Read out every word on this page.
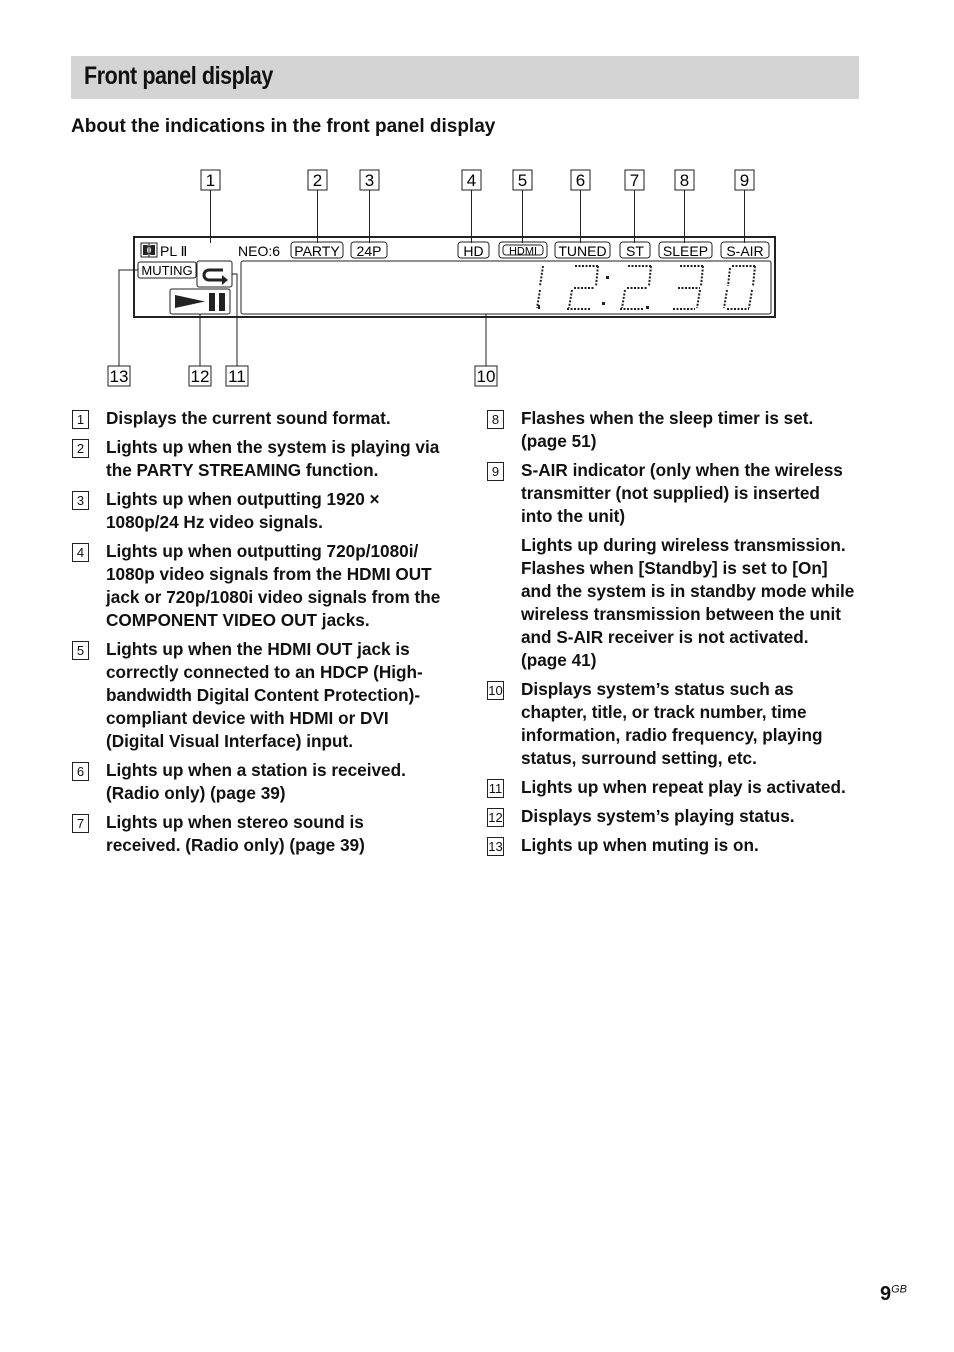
Front panel display
About the indications in the front panel display
1	2	3	4 5	6	7 8	9
PL Ⅱ	NEO:6 PARTY 24P	HD HDMI TUNED ST SLEEP S-AIR
MUTING
13	12 11	10
1 Displays the current sound format.

2 Lights up when the system is playing via the PARTY STREAMING function.

3 Lights up when outputting 1920 × 1080p/24 Hz video signals.

4 Lights up when outputting 720p/1080i/ 1080p video signals from the HDMI OUT jack or 720p/1080i video signals from the COMPONENT VIDEO OUT jacks.

5 Lights up when the HDMI OUT jack is correctly connected to an HDCP (High-bandwidth Digital Content Protection)-compliant device with HDMI or DVI (Digital Visual Interface) input.

6 Lights up when a station is received. (Radio only) (page 39)

7 Lights up when stereo sound is received. (Radio only) (page 39)

8 Flashes when the sleep timer is set. (page 51)

9 S-AIR indicator (only when the wireless transmitter (not supplied) is inserted into the unit)

Lights up during wireless transmission. Flashes when [Standby] is set to [On] and the system is in standby mode while wireless transmission between the unit and S-AIR receiver is not activated. (page 41)

10 Displays system’s status such as chapter, title, or track number, time information, radio frequency, playing status, surround setting, etc.

11 Lights up when repeat play is activated.

12 Displays system’s playing status.

13 Lights up when muting is on.

$9^{GB}$
